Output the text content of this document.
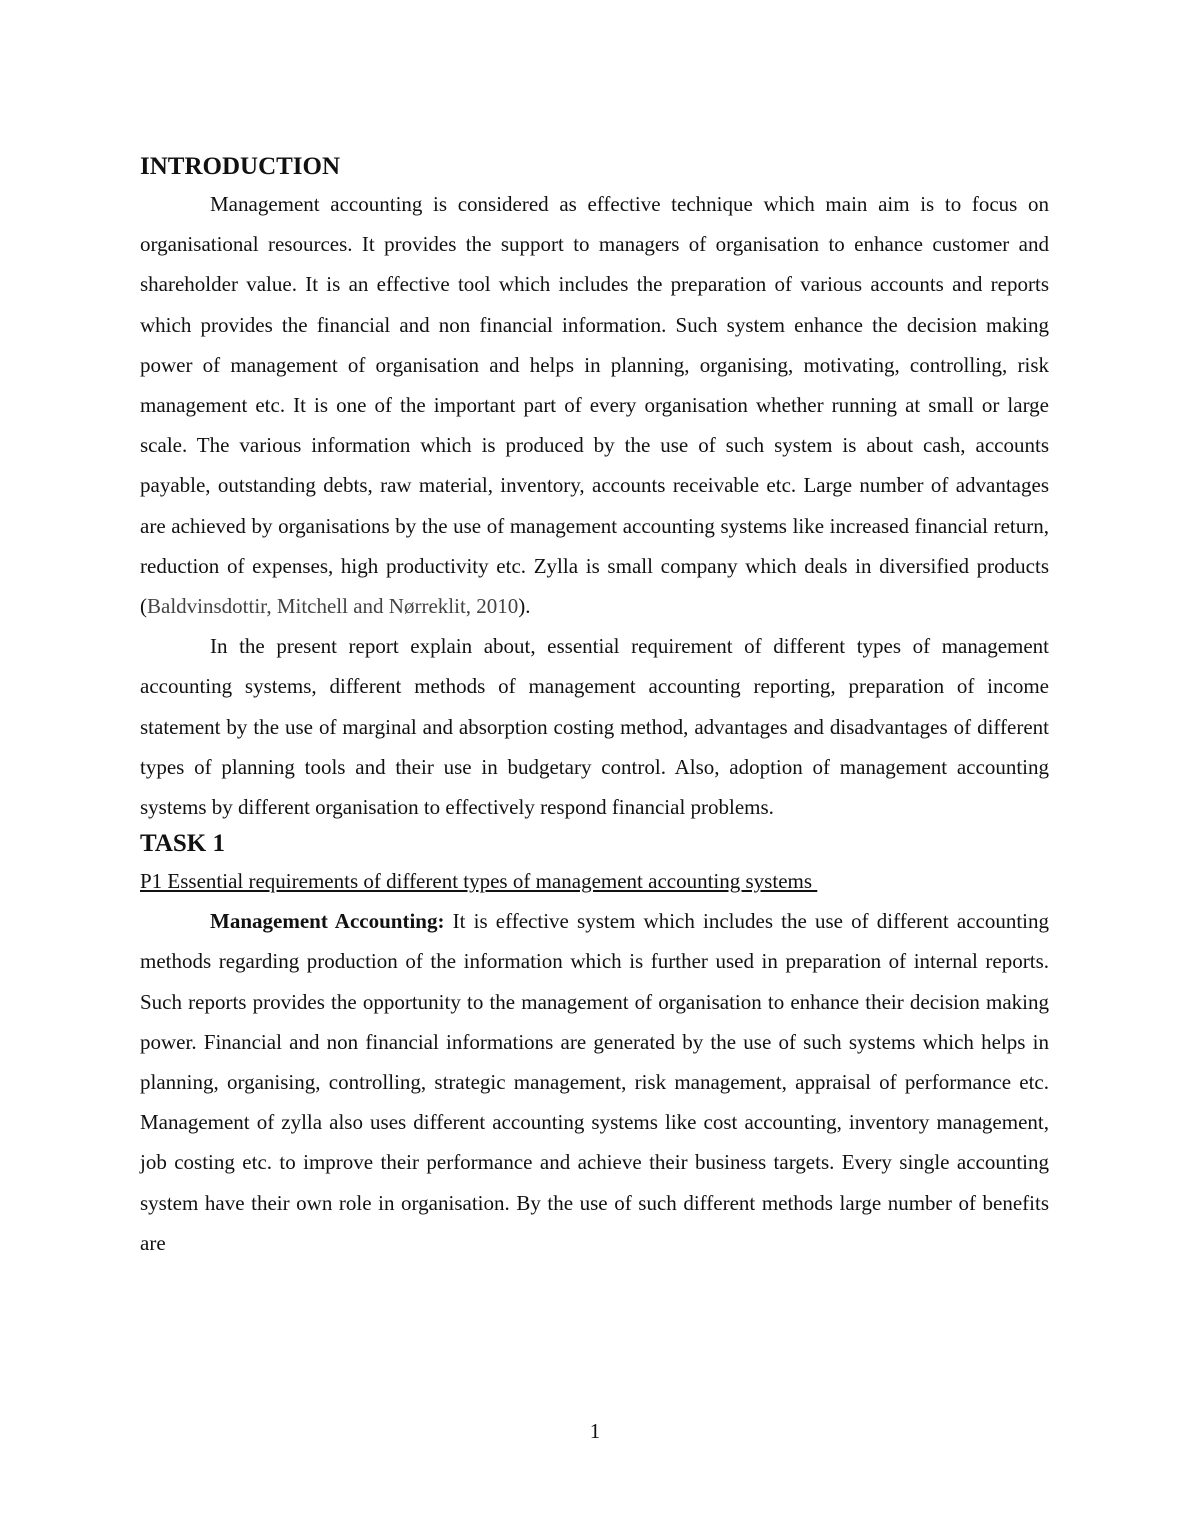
INTRODUCTION

Management accounting is considered as effective technique which main aim is to focus on organisational resources. It provides the support to managers of organisation to enhance customer and shareholder value. It is an effective tool which includes the preparation of various accounts and reports which provides the financial and non financial information. Such system enhance the decision making power of management of organisation and helps in planning, organising, motivating, controlling, risk management etc. It is one of the important part of every organisation whether running at small or large scale. The various information which is produced by the use of such system is about cash, accounts payable, outstanding debts, raw material, inventory, accounts receivable etc. Large number of advantages are achieved by organisations by the use of management accounting systems like increased financial return, reduction of expenses, high productivity etc. Zylla is small company which deals in diversified products (Baldvinsdottir, Mitchell and Nørreklit, 2010).

In the present report explain about, essential requirement of different types of management accounting systems, different methods of management accounting reporting, preparation of income statement by the use of marginal and absorption costing method, advantages and disadvantages of different types of planning tools and their use in budgetary control. Also, adoption of management accounting systems by different organisation to effectively respond financial problems.

TASK 1

P1 Essential requirements of different types of management accounting systems

Management Accounting: It is effective system which includes the use of different accounting methods regarding production of the information which is further used in preparation of internal reports. Such reports provides the opportunity to the management of organisation to enhance their decision making power. Financial and non financial informations are generated by the use of such systems which helps in planning, organising, controlling, strategic management, risk management, appraisal of performance etc. Management of zylla also uses different accounting systems like cost accounting, inventory management, job costing etc. to improve their performance and achieve their business targets. Every single accounting system have their own role in organisation. By the use of such different methods large number of benefits are

1
